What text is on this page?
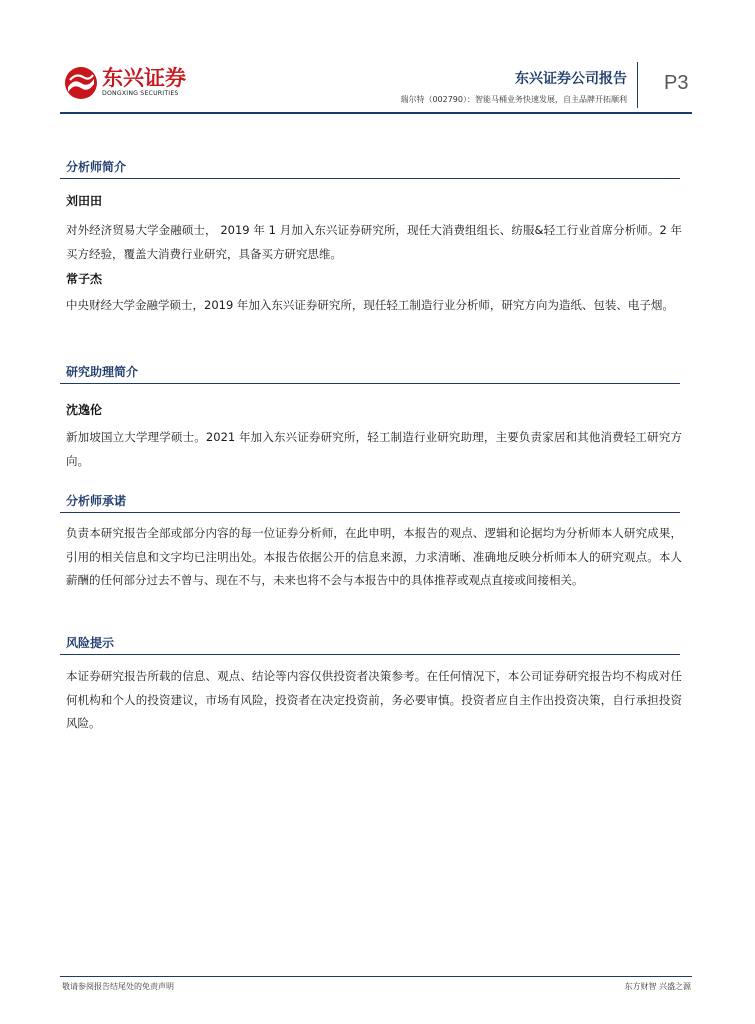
东兴证券
DONGXING SECURITIES
东兴证券公司报告
瑞尔特（002790）：智能马桶业务快速发展，自主品牌开拓顺利
P3
分析师简介
刘田田
对外经济贸易大学金融硕士， 2019 年 1 月加入东兴证券研究所，现任大消费组组长、纺服&轻工行业首席分析师。2 年买方经验，覆盖大消费行业研究，具备买方研究思维。
常子杰
中央财经大学金融学硕士，2019 年加入东兴证券研究所，现任轻工制造行业分析师，研究方向为造纸、包装、电子烟。
研究助理简介
沈逸伦
新加坡国立大学理学硕士。2021 年加入东兴证券研究所，轻工制造行业研究助理，主要负责家居和其他消费轻工研究方向。
分析师承诺
负责本研究报告全部或部分内容的每一位证券分析师，在此申明，本报告的观点、逻辑和论据均为分析师本人研究成果，引用的相关信息和文字均已注明出处。本报告依据公开的信息来源，力求清晰、准确地反映分析师本人的研究观点。本人薪酬的任何部分过去不曾与、现在不与，未来也将不会与本报告中的具体推荐或观点直接或间接相关。
风险提示
本证券研究报告所载的信息、观点、结论等内容仅供投资者决策参考。在任何情况下，本公司证券研究报告均不构成对任何机构和个人的投资建议，市场有风险，投资者在决定投资前，务必要审慎。投资者应自主作出投资决策，自行承担投资风险。
敬请参阅报告结尾处的免责声明	东方财智 兴盛之源
